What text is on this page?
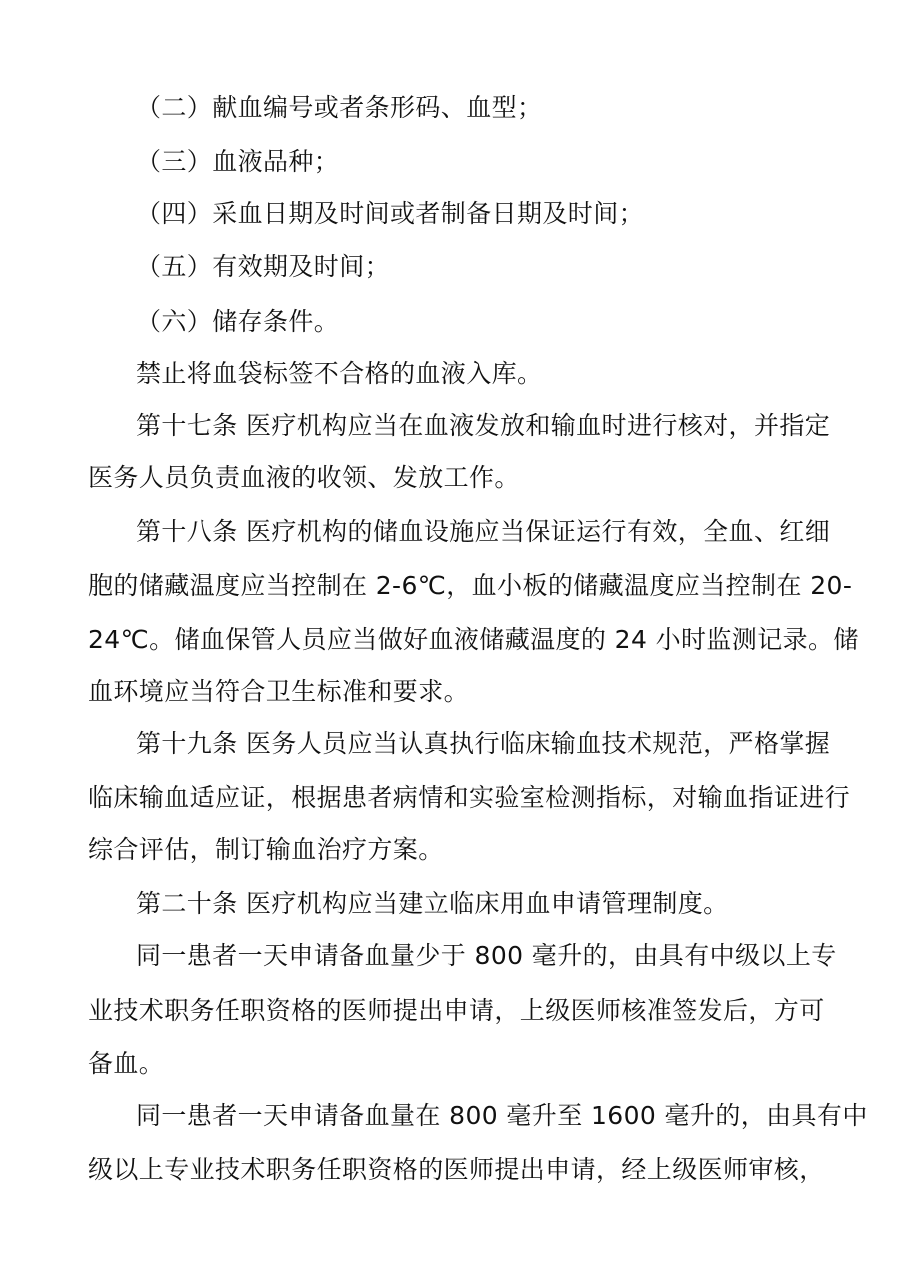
（二）献血编号或者条形码、血型；
（三）血液品种；
（四）采血日期及时间或者制备日期及时间；
（五）有效期及时间；
（六）储存条件。
禁止将血袋标签不合格的血液入库。
第十七条 医疗机构应当在血液发放和输血时进行核对，并指定
医务人员负责血液的收领、发放工作。
第十八条 医疗机构的储血设施应当保证运行有效，全血、红细
胞的储藏温度应当控制在 2-6℃，血小板的储藏温度应当控制在 20-
24℃。储血保管人员应当做好血液储藏温度的 24 小时监测记录。储
血环境应当符合卫生标准和要求。
第十九条 医务人员应当认真执行临床输血技术规范，严格掌握
临床输血适应证，根据患者病情和实验室检测指标，对输血指证进行
综合评估，制订输血治疗方案。
第二十条 医疗机构应当建立临床用血申请管理制度。
同一患者一天申请备血量少于 800 毫升的，由具有中级以上专
业技术职务任职资格的医师提出申请，上级医师核准签发后，方可
备血。
同一患者一天申请备血量在 800 毫升至 1600 毫升的，由具有中
级以上专业技术职务任职资格的医师提出申请，经上级医师审核，
